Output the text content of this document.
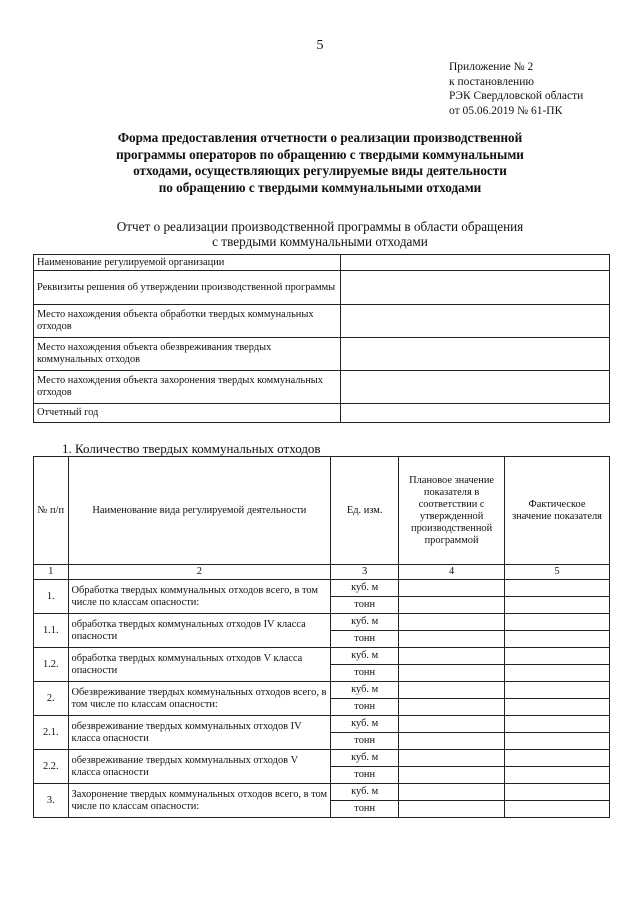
5
Приложение № 2
к постановлению
РЭК Свердловской области
от 05.06.2019 № 61-ПК
Форма предоставления отчетности о реализации производственной
программы операторов по обращению с твердыми коммунальными
отходами, осуществляющих регулируемые виды деятельности
по обращению с твердыми коммунальными отходами
Отчет о реализации производственной программы в области обращения
с твердыми коммунальными отходами
Наименование регулируемой организации	
Реквизиты решения об утверждении производственной программы	
Место нахождения объекта обработки твердых коммунальных отходов	
Место нахождения объекта обезвреживания твердых коммунальных отходов	
Место нахождения объекта захоронения твердых коммунальных отходов	
Отчетный год	
1. Количество твердых коммунальных отходов
№ п/п	Наименование вида регулируемой деятельности	Ед. изм.	Плановое значение показателя в соответствии с утвержденной производственной программой	Фактическое значение показателя
1	2	3	4	5
1.	Обработка твердых коммунальных отходов всего, в том числе по классам опасности:	куб. м		
		тонн		
1.1.	обработка твердых коммунальных отходов IV класса опасности	куб. м		
		тонн		
1.2.	обработка твердых коммунальных отходов V класса опасности	куб. м		
		тонн		
2.	Обезвреживание твердых коммунальных отходов всего, в том числе по классам опасности:	куб. м		
		тонн		
2.1.	обезвреживание твердых коммунальных отходов IV класса опасности	куб. м		
		тонн		
2.2.	обезвреживание твердых коммунальных отходов V класса опасности	куб. м		
		тонн		
3.	Захоронение твердых коммунальных отходов всего, в том числе по классам опасности:	куб. м		
		тонн		
